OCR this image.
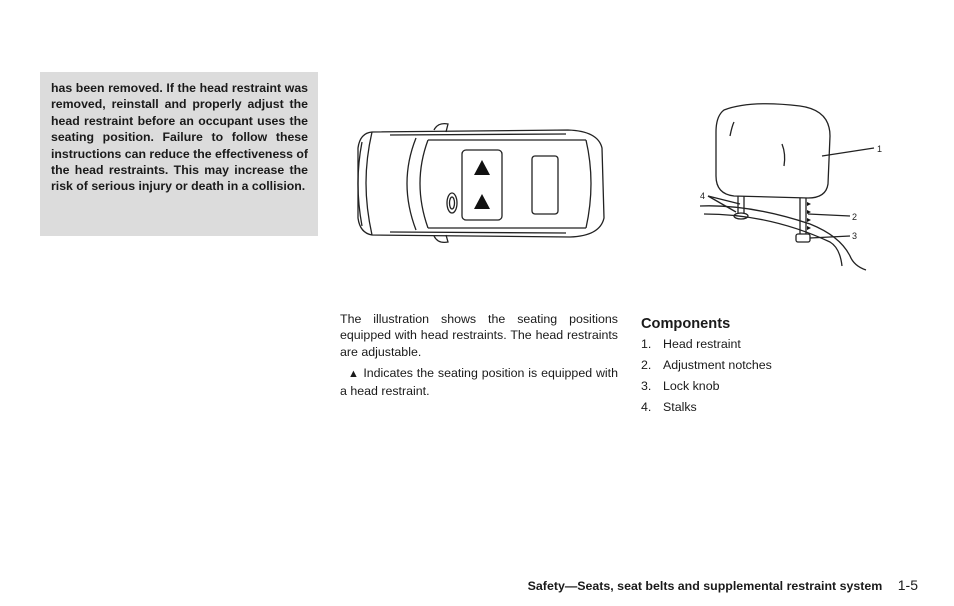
has been removed. If the head restraint was removed, reinstall and properly adjust the head restraint before an occupant uses the seating position. Failure to follow these instructions can reduce the effectiveness of the head restraints. This may increase the risk of serious injury or death in a collision.

1
2
3
4

The illustration shows the seating positions equipped with head restraints. The head restraints are adjustable.

▲ Indicates the seating position is equipped with a head restraint.

Components
1. Head restraint
2. Adjustment notches
3. Lock knob
4. Stalks
Safety—Seats, seat belts and supplemental restraint system 1-5
